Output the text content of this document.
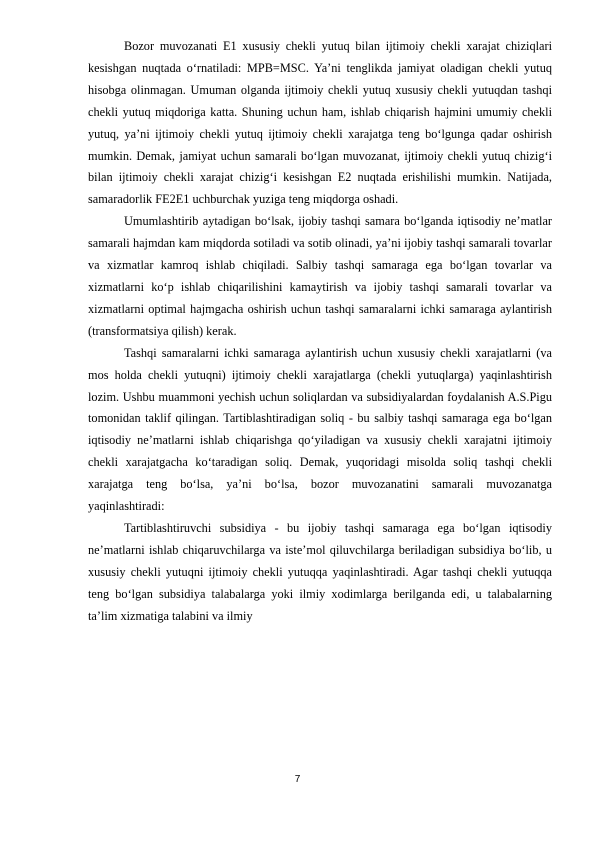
Bozor muvozanati E1 xususiy chekli yutuq bilan ijtimoiy chekli xarajat chiziqlari kesishgan nuqtada o‘rnatiladi: MPB=MSC. Ya’ni tenglikda jamiyat oladigan chekli yutuq hisobga olinmagan. Umuman olganda ijtimoiy chekli yutuq xususiy chekli yutuqdan tashqi chekli yutuq miqdoriga katta. Shuning uchun ham, ishlab chiqarish hajmini umumiy chekli yutuq, ya’ni ijtimoiy chekli yutuq ijtimoiy chekli xarajatga teng bo‘lgunga qadar oshirish mumkin. Demak, jamiyat uchun samarali bo‘lgan muvozanat, ijtimoiy chekli yutuq chizig‘i bilan ijtimoiy chekli xarajat chizig‘i kesishgan E2 nuqtada erishilishi mumkin. Natijada, samaradorlik FE2E1 uchburchak yuziga teng miqdorga oshadi.

Umumlashtirib aytadigan bo‘lsak, ijobiy tashqi samara bo‘lganda iqtisodiy ne’matlar samarali hajmdan kam miqdorda sotiladi va sotib olinadi, ya’ni ijobiy tashqi samarali tovarlar va xizmatlar kamroq ishlab chiqiladi. Salbiy tashqi samaraga ega bo‘lgan tovarlar va xizmatlarni ko‘p ishlab chiqarilishini kamaytirish va ijobiy tashqi samarali tovarlar va xizmatlarni optimal hajmgacha oshirish uchun tashqi samaralarni ichki samaraga aylantirish (transformatsiya qilish) kerak.

Tashqi samaralarni ichki samaraga aylantirish uchun xususiy chekli xarajatlarni (va mos holda chekli yutuqni) ijtimoiy chekli xarajatlarga (chekli yutuqlarga) yaqinlashtirish lozim. Ushbu muammoni yechish uchun soliqlardan va subsidiyalardan foydalanish A.S.Pigu tomonidan taklif qilingan. Tartiblashtiradigan soliq - bu salbiy tashqi samaraga ega bo‘lgan iqtisodiy ne’matlarni ishlab chiqarishga qo‘yiladigan va xususiy chekli xarajatni ijtimoiy chekli xarajatgacha ko‘taradigan soliq. Demak, yuqoridagi misolda soliq tashqi chekli xarajatga teng bo‘lsa, ya’ni bo‘lsa, bozor muvozanatini samarali muvozanatga yaqinlashtiradi:

Tartiblashtiruvchi subsidiya - bu ijobiy tashqi samaraga ega bo‘lgan iqtisodiy ne’matlarni ishlab chiqaruvchilarga va iste’mol qiluvchilarga beriladigan subsidiya bo‘lib, u xususiy chekli yutuqni ijtimoiy chekli yutuqqa yaqinlashtiradi. Agar tashqi chekli yutuqqa teng bo‘lgan subsidiya talabalarga yoki ilmiy xodimlarga berilganda edi, u talabalarning ta’lim xizmatiga talabini va ilmiy

7
